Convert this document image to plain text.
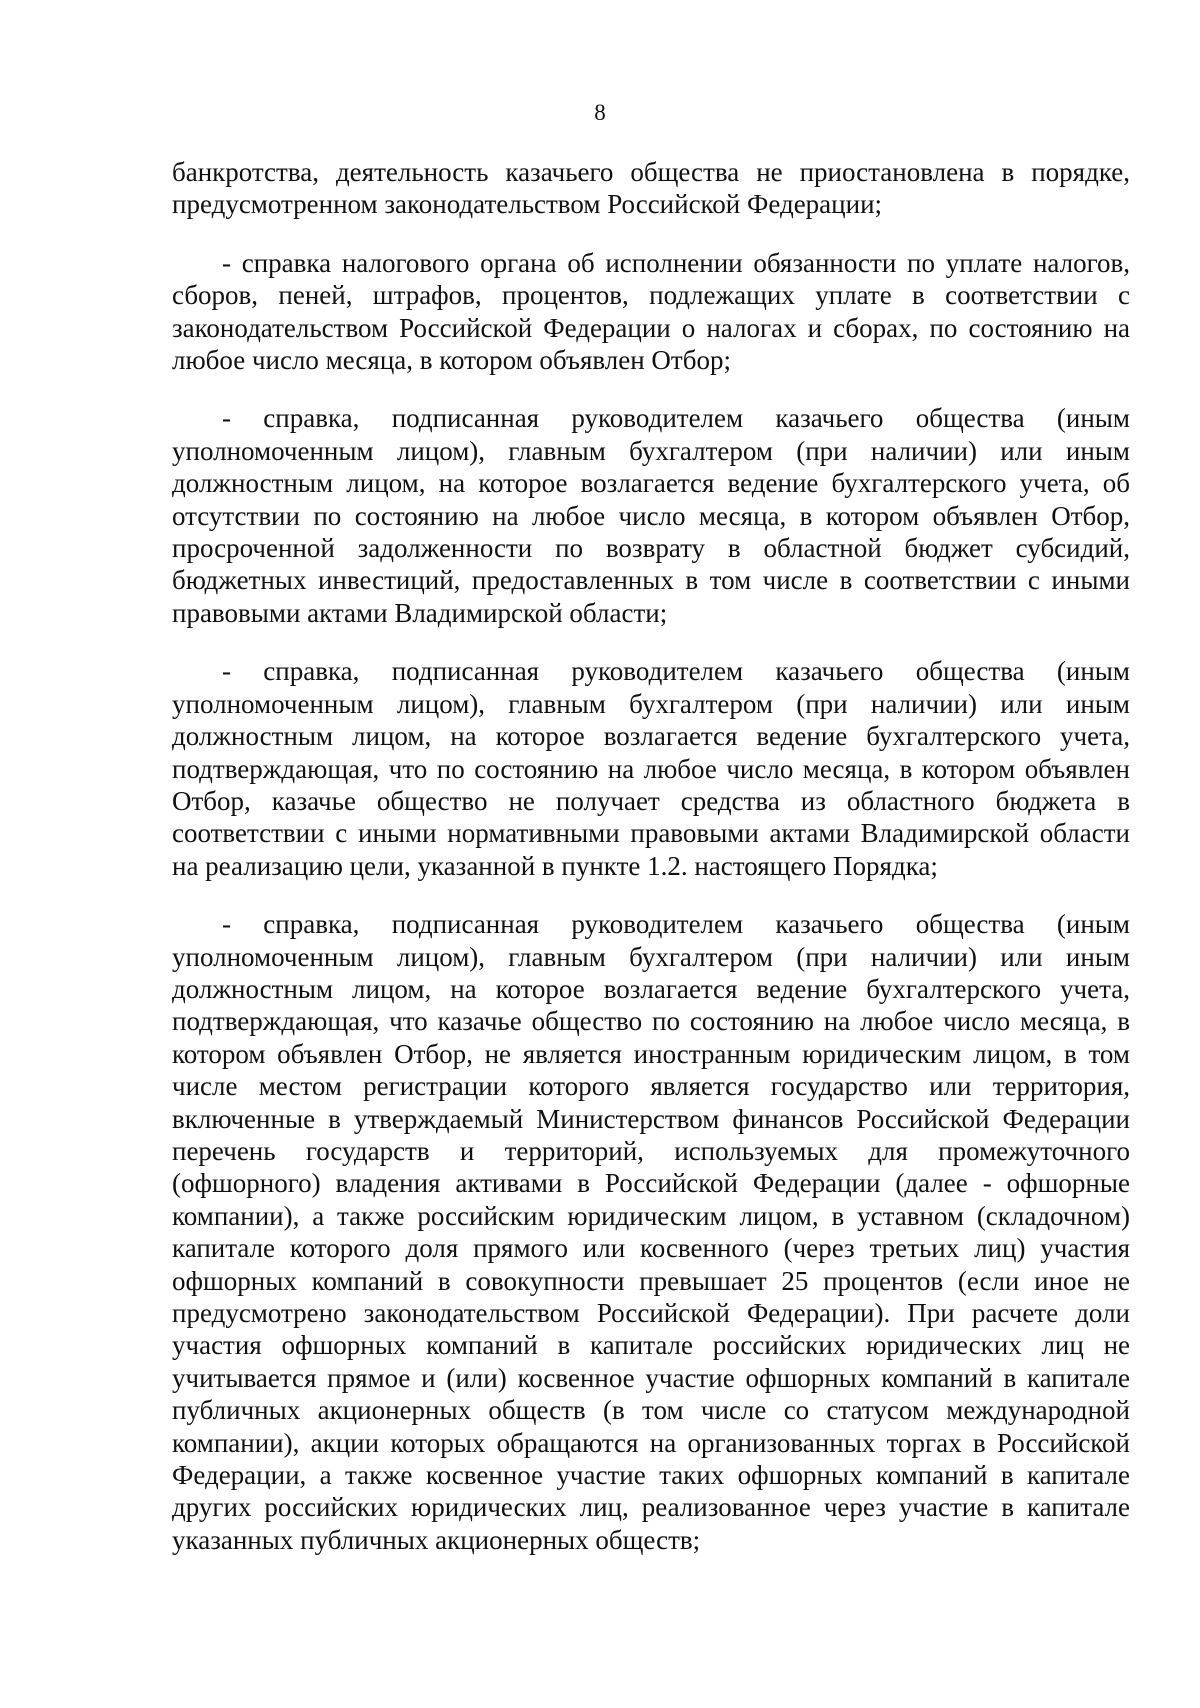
8

банкротства, деятельность казачьего общества не приостановлена в порядке, предусмотренном законодательством Российской Федерации;

- справка налогового органа об исполнении обязанности по уплате налогов, сборов, пеней, штрафов, процентов, подлежащих уплате в соответствии с законодательством Российской Федерации о налогах и сборах, по состоянию на любое число месяца, в котором объявлен Отбор;

- справка, подписанная руководителем казачьего общества (иным уполномоченным лицом), главным бухгалтером (при наличии) или иным должностным лицом, на которое возлагается ведение бухгалтерского учета, об отсутствии по состоянию на любое число месяца, в котором объявлен Отбор, просроченной задолженности по возврату в областной бюджет субсидий, бюджетных инвестиций, предоставленных в том числе в соответствии с иными правовыми актами Владимирской области;

- справка, подписанная руководителем казачьего общества (иным уполномоченным лицом), главным бухгалтером (при наличии) или иным должностным лицом, на которое возлагается ведение бухгалтерского учета, подтверждающая, что по состоянию на любое число месяца, в котором объявлен Отбор, казачье общество не получает средства из областного бюджета в соответствии с иными нормативными правовыми актами Владимирской области на реализацию цели, указанной в пункте 1.2. настоящего Порядка;

- справка, подписанная руководителем казачьего общества (иным уполномоченным лицом), главным бухгалтером (при наличии) или иным должностным лицом, на которое возлагается ведение бухгалтерского учета, подтверждающая, что казачье общество по состоянию на любое число месяца, в котором объявлен Отбор, не является иностранным юридическим лицом, в том числе местом регистрации которого является государство или территория, включенные в утверждаемый Министерством финансов Российской Федерации перечень государств и территорий, используемых для промежуточного (офшорного) владения активами в Российской Федерации (далее - офшорные компании), а также российским юридическим лицом, в уставном (складочном) капитале которого доля прямого или косвенного (через третьих лиц) участия офшорных компаний в совокупности превышает 25 процентов (если иное не предусмотрено законодательством Российской Федерации). При расчете доли участия офшорных компаний в капитале российских юридических лиц не учитывается прямое и (или) косвенное участие офшорных компаний в капитале публичных акционерных обществ (в том числе со статусом международной компании), акции которых обращаются на организованных торгах в Российской Федерации, а также косвенное участие таких офшорных компаний в капитале других российских юридических лиц, реализованное через участие в капитале указанных публичных акционерных обществ;
